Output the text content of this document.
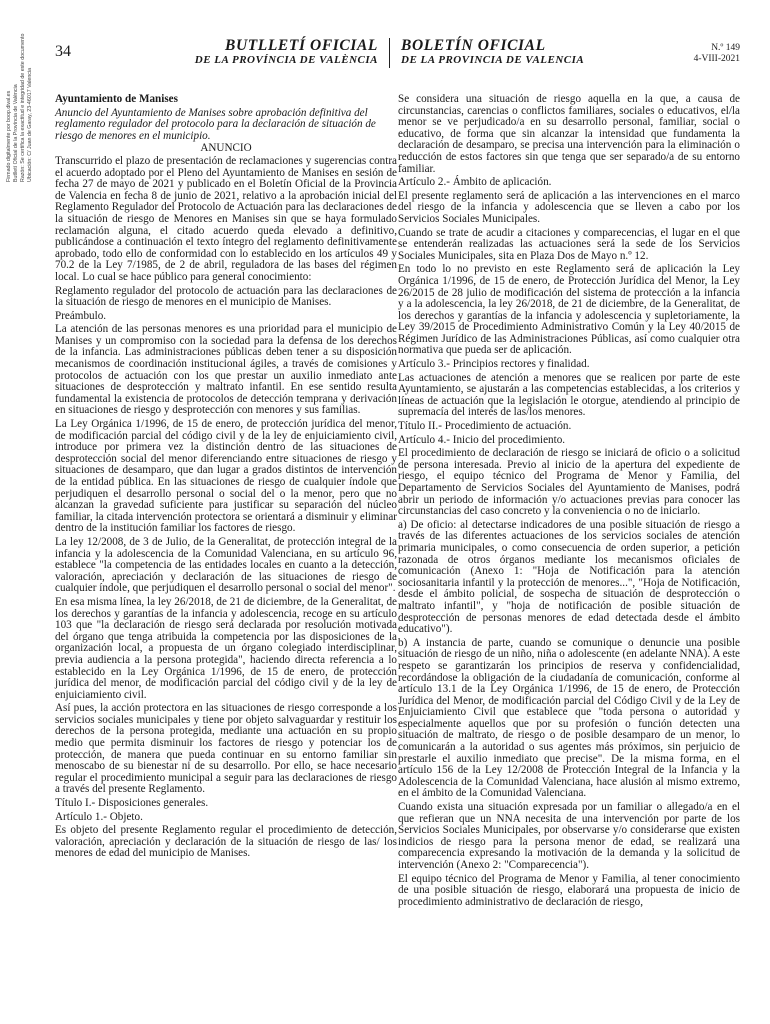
Firmado digitalmente por boop.dival.es Butlletí Oficial de la Província de València Razón: Se certifica la exactitud e integridad de este documento Ubicación: C/ Juan de Garay, 23-46017 Valencia
34	BUTLLETÍ OFICIAL
DE LA PROVÍNCIA DE VALÈNCIA
BOLETÍN OFICIAL
DE LA PROVINCIA DE VALENCIA
N.º 149
4-VIII-2021

Ayuntamiento de Manises

Anuncio del Ayuntamiento de Manises sobre aprobación definitiva del reglamento regulador del protocolo para la declaración de situación de riesgo de menores en el municipio.

ANUNCIO

Transcurrido el plazo de presentación de reclamaciones y sugerencias contra el acuerdo adoptado por el Pleno del Ayuntamiento de Manises en sesión de fecha 27 de mayo de 2021 y publicado en el Boletín Oficial de la Provincia de Valencia en fecha 8 de junio de 2021, relativo a la aprobación inicial del Reglamento Regulador del Protocolo de Actuación para las declaraciones de la situación de riesgo de Menores en Manises sin que se haya formulado reclamación alguna, el citado acuerdo queda elevado a definitivo, publicándose a continuación el texto íntegro del reglamento definitivamente aprobado, todo ello de conformidad con lo establecido en los artículos 49 y 70.2 de la Ley 7/1985, de 2 de abril, reguladora de las bases del régimen local. Lo cual se hace público para general conocimiento:

Reglamento regulador del protocolo de actuación para las declaraciones de la situación de riesgo de menores en el municipio de Manises.

Preámbulo.

La atención de las personas menores es una prioridad para el municipio de Manises y un compromiso con la sociedad para la defensa de los derechos de la infancia. Las administraciones públicas deben tener a su disposición mecanismos de coordinación institucional ágiles, a través de comisiones y protocolos de actuación con los que prestar un auxilio inmediato ante situaciones de desprotección y maltrato infantil. En ese sentido resulta fundamental la existencia de protocolos de detección temprana y derivación en situaciones de riesgo y desprotección con menores y sus familias.

La Ley Orgánica 1/1996, de 15 de enero, de protección jurídica del menor, de modificación parcial del código civil y de la ley de enjuiciamiento civil, introduce por primera vez la distinción dentro de las situaciones de desprotección social del menor diferenciando entre situaciones de riesgo y situaciones de desamparo, que dan lugar a grados distintos de intervención de la entidad pública. En las situaciones de riesgo de cualquier índole que perjudiquen el desarrollo personal o social del o la menor, pero que no alcanzan la gravedad suficiente para justificar su separación del núcleo familiar, la citada intervención protectora se orientará a disminuir y eliminar dentro de la institución familiar los factores de riesgo.

La ley 12/2008, de 3 de Julio, de la Generalitat, de protección integral de la infancia y la adolescencia de la Comunidad Valenciana, en su artículo 96, establece "la competencia de las entidades locales en cuanto a la detección, valoración, apreciación y declaración de las situaciones de riesgo de cualquier índole, que perjudiquen el desarrollo personal o social del menor".

En esa misma línea, la ley 26/2018, de 21 de diciembre, de la Generalitat, de los derechos y garantías de la infancia y adolescencia, recoge en su artículo 103 que "la declaración de riesgo será declarada por resolución motivada del órgano que tenga atribuida la competencia por las disposiciones de la organización local, a propuesta de un órgano colegiado interdisciplinar, previa audiencia a la persona protegida", haciendo directa referencia a lo establecido en la Ley Orgánica 1/1996, de 15 de enero, de protección jurídica del menor, de modificación parcial del código civil y de la ley de enjuiciamiento civil.

Así pues, la acción protectora en las situaciones de riesgo corresponde a los servicios sociales municipales y tiene por objeto salvaguardar y restituir los derechos de la persona protegida, mediante una actuación en su propio medio que permita disminuir los factores de riesgo y potenciar los de protección, de manera que pueda continuar en su entorno familiar sin menoscabo de su bienestar ni de su desarrollo. Por ello, se hace necesario regular el procedimiento municipal a seguir para las declaraciones de riesgo a través del presente Reglamento.

Título I.- Disposiciones generales.

Artículo 1.- Objeto.

Es objeto del presente Reglamento regular el procedimiento de detección, valoración, apreciación y declaración de la situación de riesgo de las/ los menores de edad del municipio de Manises.

Se considera una situación de riesgo aquella en la que, a causa de circunstancias, carencias o conflictos familiares, sociales o educativos, el/la menor se ve perjudicado/a en su desarrollo personal, familiar, social o educativo, de forma que sin alcanzar la intensidad que fundamenta la declaración de desamparo, se precisa una intervención para la eliminación o reducción de estos factores sin que tenga que ser separado/a de su entorno familiar.

Artículo 2.- Ámbito de aplicación.

El presente reglamento será de aplicación a las intervenciones en el marco del riesgo de la infancia y adolescencia que se lleven a cabo por los Servicios Sociales Municipales.

Cuando se trate de acudir a citaciones y comparecencias, el lugar en el que se entenderán realizadas las actuaciones será la sede de los Servicios Sociales Municipales, sita en Plaza Dos de Mayo n.º 12.

En todo lo no previsto en este Reglamento será de aplicación la Ley Orgánica 1/1996, de 15 de enero, de Protección Jurídica del Menor, la Ley 26/2015 de 28 julio de modificación del sistema de protección a la infancia y a la adolescencia, la ley 26/2018, de 21 de diciembre, de la Generalitat, de los derechos y garantías de la infancia y adolescencia y supletoriamente, la Ley 39/2015 de Procedimiento Administrativo Común y la Ley 40/2015 de Régimen Jurídico de las Administraciones Públicas, así como cualquier otra normativa que pueda ser de aplicación.

Artículo 3.- Principios rectores y finalidad.

Las actuaciones de atención a menores que se realicen por parte de este Ayuntamiento, se ajustarán a las competencias establecidas, a los criterios y líneas de actuación que la legislación le otorgue, atendiendo al principio de supremacía del interés de las/los menores.

Título II.- Procedimiento de actuación.

Artículo 4.- Inicio del procedimiento.

El procedimiento de declaración de riesgo se iniciará de oficio o a solicitud de persona interesada. Previo al inicio de la apertura del expediente de riesgo, el equipo técnico del Programa de Menor y Familia, del Departamento de Servicios Sociales del Ayuntamiento de Manises, podrá abrir un periodo de información y/o actuaciones previas para conocer las circunstancias del caso concreto y la conveniencia o no de iniciarlo.

a) De oficio: al detectarse indicadores de una posible situación de riesgo a través de las diferentes actuaciones de los servicios sociales de atención primaria municipales, o como consecuencia de orden superior, a petición razonada de otros órganos mediante los mecanismos oficiales de comunicación (Anexo 1: "Hoja de Notificación para la atención sociosanitaria infantil y la protección de menores...", "Hoja de Notificación, desde el ámbito policial, de sospecha de situación de desprotección o maltrato infantil", y "hoja de notificación de posible situación de desprotección de personas menores de edad detectada desde el ámbito educativo").

b) A instancia de parte, cuando se comunique o denuncie una posible situación de riesgo de un niño, niña o adolescente (en adelante NNA). A este respeto se garantizarán los principios de reserva y confidencialidad, recordándose la obligación de la ciudadanía de comunicación, conforme al artículo 13.1 de la Ley Orgánica 1/1996, de 15 de enero, de Protección Jurídica del Menor, de modificación parcial del Código Civil y de la Ley de Enjuiciamiento Civil que establece que "toda persona o autoridad y especialmente aquellos que por su profesión o función detecten una situación de maltrato, de riesgo o de posible desamparo de un menor, lo comunicarán a la autoridad o sus agentes más próximos, sin perjuicio de prestarle el auxilio inmediato que precise". De la misma forma, en el artículo 156 de la Ley 12/2008 de Protección Integral de la Infancia y la Adolescencia de la Comunidad Valenciana, hace alusión al mismo extremo, en el ámbito de la Comunidad Valenciana.

Cuando exista una situación expresada por un familiar o allegado/a en el que refieran que un NNA necesita de una intervención por parte de los Servicios Sociales Municipales, por observarse y/o considerarse que existen indicios de riesgo para la persona menor de edad, se realizará una comparecencia expresando la motivación de la demanda y la solicitud de intervención (Anexo 2: "Comparecencia").

El equipo técnico del Programa de Menor y Familia, al tener conocimiento de una posible situación de riesgo, elaborará una propuesta de inicio de procedimiento administrativo de declaración de riesgo,
